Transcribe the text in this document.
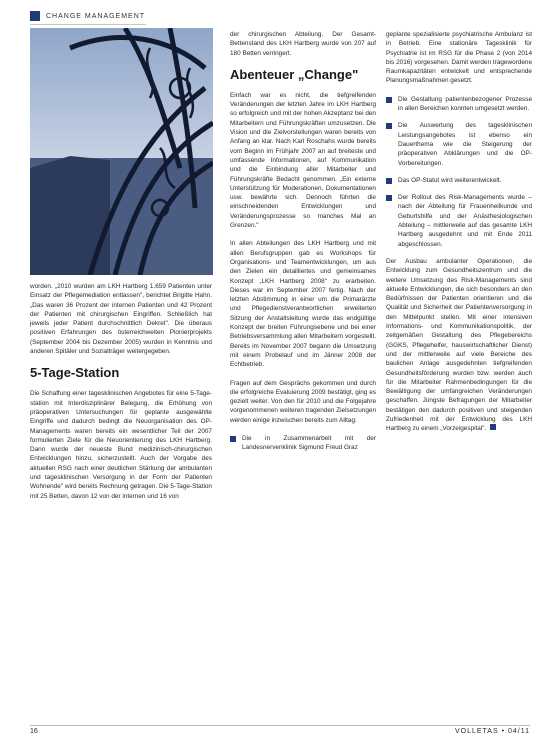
CHANGE MANAGEMENT

worden. „2010 wurden am LKH Hartberg 1.659 Patienten unter Einsatz der Pflegemediation entlassen", berichtet Brigitte Hahn. „Das waren 36 Prozent der internen Patienten und 42 Prozent der Patienten mit chirurgischen Eingriffen. Schließlich hat jeweils jeder Patient durchschnittlich Dekret". Die überaus positiven Erfahrungen des österreichweiten Pionierprojekts (September 2004 bis Dezember 2005) wurden in Kenntnis und anderen Spitäler und Sozialträger weitergegeben.

5-Tage-Station

Die Schaffung einer tagesklinischen Angebotes für eine 5-Tage-station mit Interdisziplinärer Belegung, die Erhöhung von präoperativen Untersuchungen für geplante ausgewählte Eingriffe und dadurch bedingt die Neuorganisation des OP-Managements waren bereits ein wesentlicher Teil der 2007 formulierten Ziele für die Neuorientierung des LKH Hartberg. Dann wurde der neueste Bund medizinisch-chirurgischen Entwicklungen hinzu, sicherzustellt. Auch der Vorgabe des aktuellen RSG nach einer deutlichen Stärkung der ambulanten und tagesklinischen Versorgung in der Form der Patienten Wohnende" wird bereits Rechnung getragen. Die 5-Tage-Station mit 25 Betten, davon 12 von der internen und 16 von

der chirurgischen Abteilung. Der Gesamt-Bettenstand des LKH Hartberg wurde von 207 auf 180 Betten verringert.

Abenteuer „Change"

Einfach war es nicht, die tiefgreifenden Veränderungen der letzten Jahre im LKH Hartberg so erfolgreich und mit der hohen Akzeptanz bei den Mitarbeitern und Führungskräften umzusetzen. Die Vision und die Zielvorstellungen waren bereits von Anfang an klar. Nach Karl Roschahs wurde bereits vom Beginn im Frühjahr 2007 an auf breiteste und umfassende Informationen, auf Kommunikation und die Einbindung aller Mitarbeiter und Führungskräfte Bedacht genommen. „Ein externe Unterstützung für Moderationen, Dokumentationen usw. bewährte sich. Dennoch führten die einschneidenden Entwicklungen und Veränderungsprozesse so manches Mal an Grenzen."

In allen Abteilungen des LKH Hartberg und mit allen Berufsgruppen gab es Workshops für Organisations- und Teamentwicklungen, um aus den Zielen ein detailliertes und gemeinsames Konzept „LKH Hartberg 2008" zu erarbeiten. Dieses war im September 2007 fertig. Nach der letzten Abstimmung in einer um die Primarärzte und Pflegedienstverantwortlichen erweiterten Sitzung der Anstaltsleitung wurde das endgültige Konzept der breiten Führungsebene und bei einer Betriebsversammlung allen Mitarbeitern vorgestellt. Bereits im November 2007 begann die Umsetzung mit einem Probelauf und im Jänner 2008 der Echtbetrieb.

Fragen auf dem Gesprächs gekommen und durch die erfolgreiche Evaluierung 2009 bestätigt, ging es gezielt weiter. Von den für 2010 und die Folgejahre vorgenommenen weiteren tragenden Zielsetzungen werden einige inzwischen bereits zum Alltag:

Die in Zusammenarbeit mit der Landesnervenklinik Sigmund Freud Graz

geplante spezialisierte psychiatrische Ambulanz ist in Betrieb. Eine stationäre Tagesklinik für Psychiatrie ist im RSG für die Phase 2 (von 2014 bis 2016) vorgesehen. Damit werden tragewordene Raumkapazitäten entwickelt und entsprechende Planungsmaßnahmen gesetzt.

Die Gestaltung patientenbezogener Prozesse in allen Bereichen konnten umgesetzt werden.
Die Auswertung des tagesklinischen Leistungsangebotes ist ebenso ein Dauerthema wie die Steigerung der präoperativen Abklärungen und die OP-Vorbereitungen.
Das OP-Statut wird weiterentwickelt.
Der Rollout des Risk-Managements wurde – nach der Abteilung für Frauenheilkunde und Geburtshilfe und der Anästhesiologischen Abteilung – mittlerweile auf das gesamte LKH Hartberg ausgedehnt und mit Ende 2011 abgeschlossen.

Der Ausbau ambulanter Operationen, die Entwicklung zum Gesundheitszentrum und die weitere Umsetzung des Risk-Managements sind aktuelle Entwicklungen, die sich besonders an den Bedürfnissen der Patienten orientieren und die Qualität und Sicherheit der Patientenversorgung in den Mittelpunkt stellen. Mit einer intensiven Informations- und Kommunikationspolitik, der zeitgemäßen Gestaltung des Pflegebereichs (GGKS, Pflegehelfer, hauswirtschaftlicher Dienst) und der mittlerweile auf viele Bereiche des baulichen Anlage ausgedehnten tiefgreifenden Gesundheitsförderung wurden bzw. werden auch für die Mitarbeiter Rahmenbedingungen für die Bewältigung der umfangreichen Veränderungen geschaffen. Jüngste Befragungen der Mitarbeiter bestätigen den dadurch positiven und steigenden Zufriedenheit mit der Entwicklung des LKH Hartberg zu einem „Vorzeigespital".

16	VOLLETAS • 04/11
